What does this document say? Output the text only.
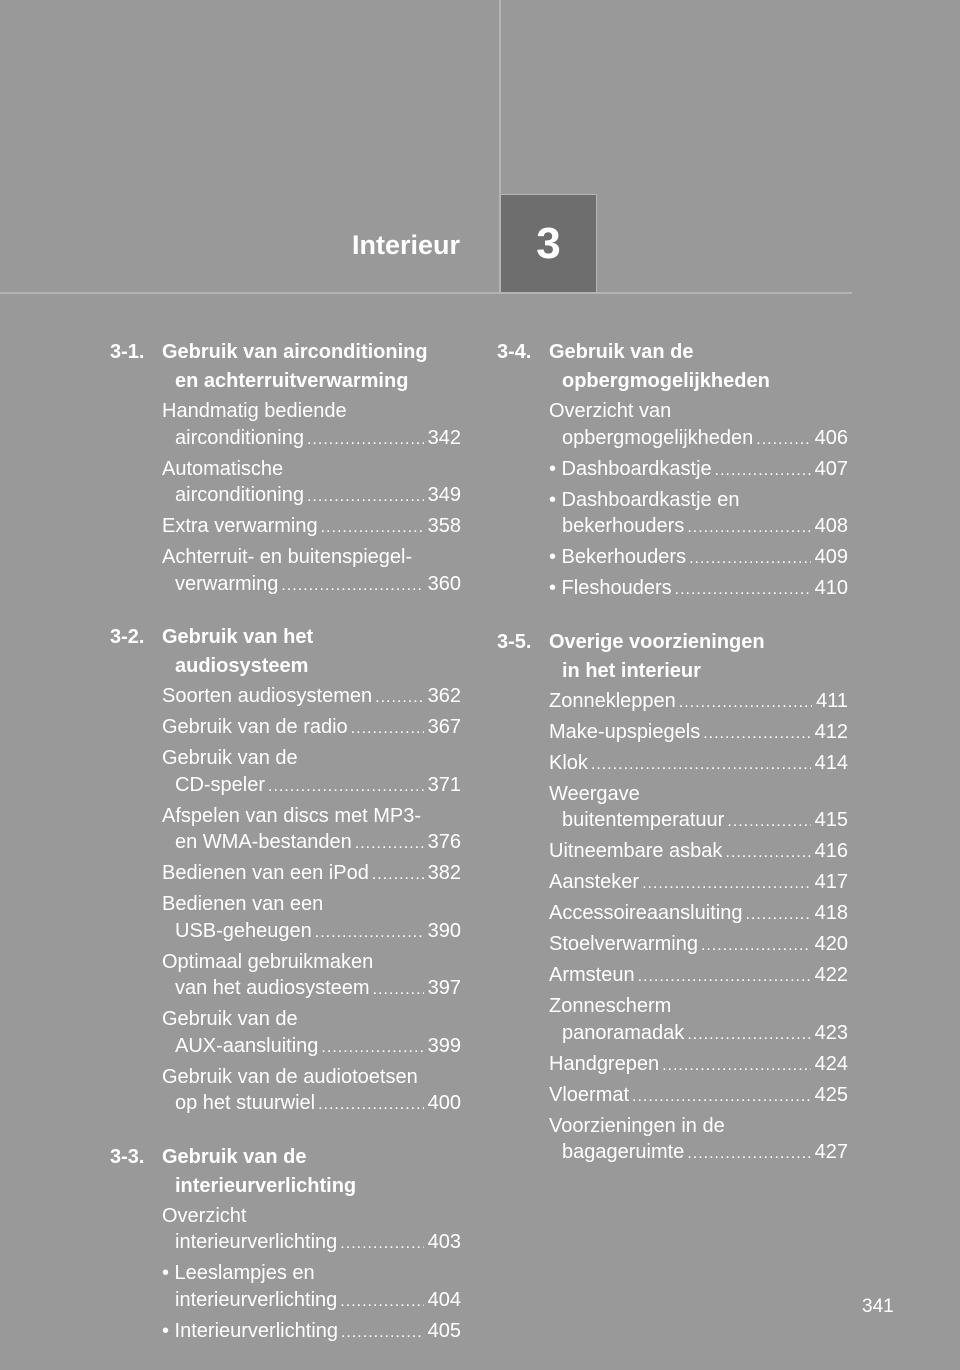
Interieur 3
3-1. Gebruik van airconditioning
en achterruitverwarming
Handmatig bediende
airconditioning .....	342
Automatische
airconditioning .....	349
Extra verwarming .....	358
Achterruit- en buitenspiegel-
verwarming .....	360
3-2. Gebruik van het
audiosysteem
Soorten audiosystemen .....	362
Gebruik van de radio .....	367
Gebruik van de
CD-speler .....	371
Afspelen van discs met MP3-
en WMA-bestanden .....	376
Bedienen van een iPod .....	382
Bedienen van een
USB-geheugen .....	390
Optimaal gebruikmaken
van het audiosysteem .....	397
Gebruik van de
AUX-aansluiting .....	399
Gebruik van de audiotoetsen
op het stuurwiel .....	400
3-3. Gebruik van de
interieurverlichting
Overzicht
interieurverlichting .....	403
• Leeslampjes en
interieurverlichting .....	404
• Interieurverlichting .....	405
3-4. Gebruik van de
opbergmogelijkheden
Overzicht van
opbergmogelijkheden .....	406
• Dashboardkastje .....	407
• Dashboardkastje en
bekerhouders .....	408
• Bekerhouders .....	409
• Fleshouders .....	410
3-5. Overige voorzieningen
in het interieur
Zonnekleppen .....	411
Make-upspiegels .....	412
Klok .....	414
Weergave
buitentemperatuur .....	415
Uitneembare asbak .....	416
Aansteker .....	417
Accessoireaansluiting .....	418
Stoelverwarming .....	420
Armsteun .....	422
Zonnescherm
panoramadak .....	423
Handgrepen .....	424
Vloermat .....	425
Voorzieningen in de
bagageruimte .....	427
341
